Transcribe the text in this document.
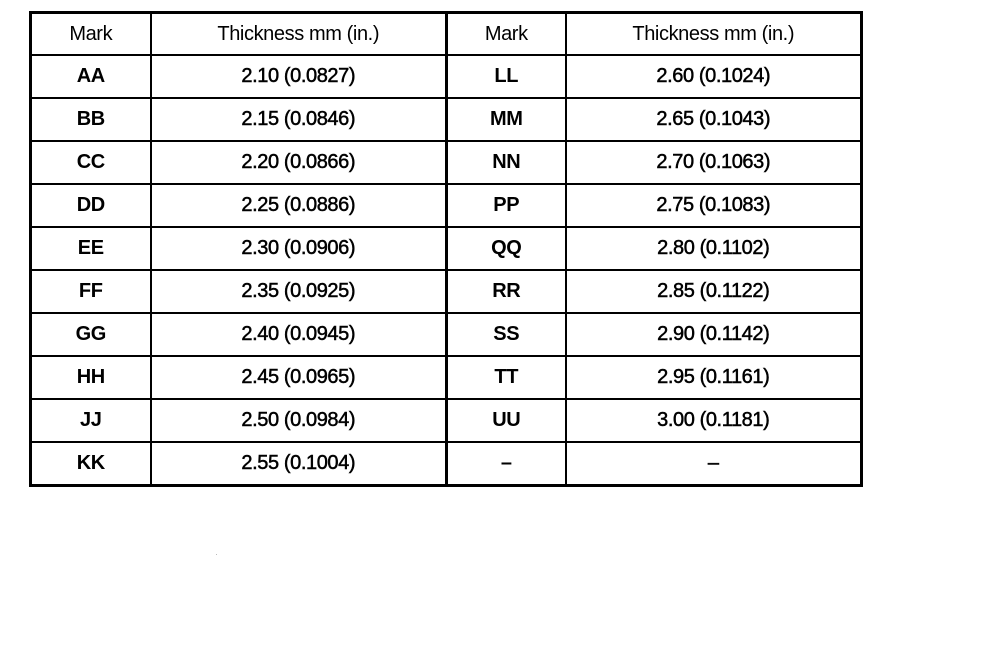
Mark	Thickness mm (in.)	Mark	Thickness mm (in.)
AA	2.10 (0.0827)	LL	2.60 (0.1024)
BB	2.15 (0.0846)	MM	2.65 (0.1043)
CC	2.20 (0.0866)	NN	2.70 (0.1063)
DD	2.25 (0.0886)	PP	2.75 (0.1083)
EE	2.30 (0.0906)	QQ	2.80 (0.1102)
FF	2.35 (0.0925)	RR	2.85 (0.1122)
GG	2.40 (0.0945)	SS	2.90 (0.1142)
HH	2.45 (0.0965)	TT	2.95 (0.1161)
JJ	2.50 (0.0984)	UU	3.00 (0.1181)
KK	2.55 (0.1004)	–	–
